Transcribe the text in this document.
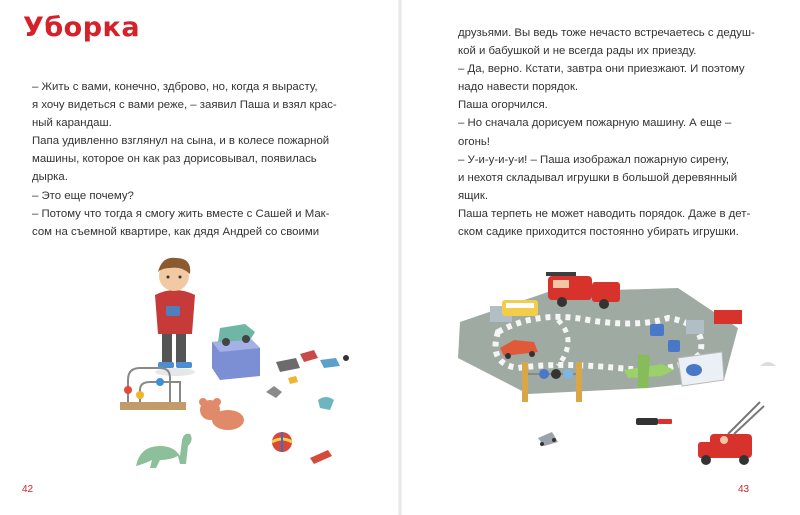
Уборка
– Жить с вами, конечно, здброво, но, когда я вырасту,
я хочу видеться с вами реже, – заявил Паша и взял крас-
ный карандаш.
Папа удивленно взглянул на сына, и в колесе пожарной
машины, которое он как раз дорисовывал, появилась
дырка.
– Это еще почему?
– Потому что тогда я смогу жить вместе с Сашей и Мак-
сом на съемной квартире, как дядя Андрей со своими
42
друзьями. Вы ведь тоже нечасто встречаетесь с дедуш-
кой и бабушкой и не всегда рады их приезду.
– Да, верно. Кстати, завтра они приезжают. И поэтому
надо навести порядок.
Паша огорчился.
– Но сначала дорисуем пожарную машину. А еще –
огонь!
– У-и-у-и-у-и! – Паша изображал пожарную сирену,
и нехотя складывал игрушки в большой деревянный
ящик.
Паша терпеть не может наводить порядок. Даже в дет-
ском садике приходится постоянно убирать игрушки.
43
